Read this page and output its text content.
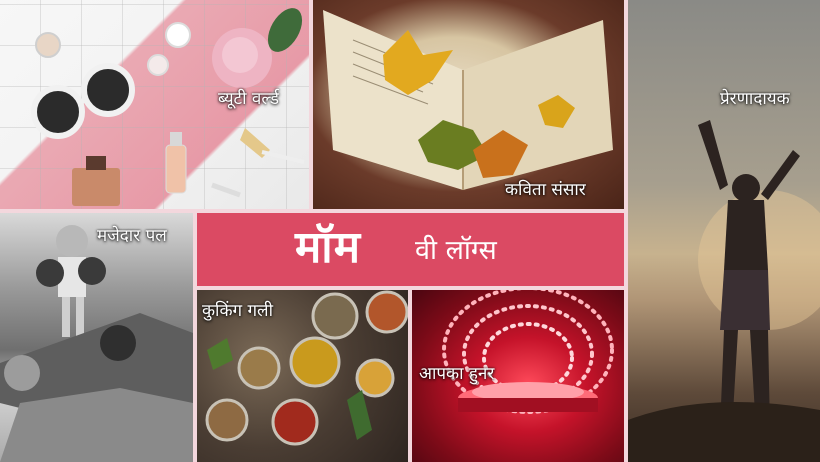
ब्यूटी वर्ल्ड
कविता संसार
प्रेरणादायक
मजेदार पल	मॉम वी लॉग्स
कुकिंग गली
आपका हुनर
